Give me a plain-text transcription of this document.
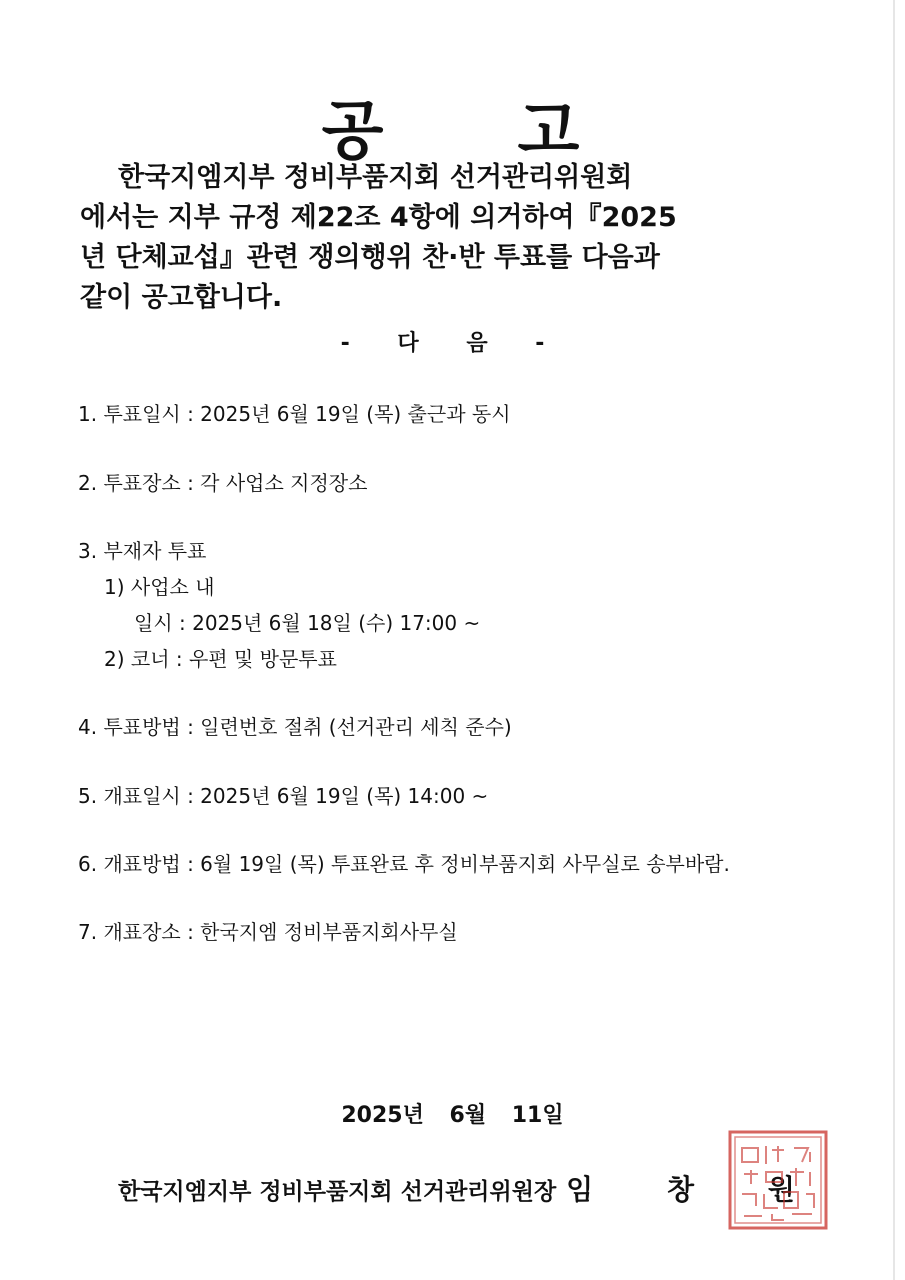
공 고
한국지엠지부 정비부품지회 선거관리위원회
에서는 지부 규정 제22조 4항에 의거하여『2025
년 단체교섭』관련 쟁의행위 찬·반 투표를 다음과
같이 공고합니다.
- 다 음 -
1. 투표일시 : 2025년 6월 19일 (목) 출근과 동시
2. 투표장소 : 각 사업소 지정장소
3. 부재자 투표
1) 사업소 내
일시 : 2025년 6월 18일 (수) 17:00 ~
2) 코너 : 우편 및 방문투표
4. 투표방법 : 일련번호 절취 (선거관리 세칙 준수)
5. 개표일시 : 2025년 6월 19일 (목) 14:00 ~
6. 개표방법 : 6월 19일 (목) 투표완료 후 정비부품지회 사무실로 송부바람.
7. 개표장소 : 한국지엠 정비부품지회사무실
2025년 6월 11일
한국지엠지부 정비부품지회 선거관리위원장 임 창 원
